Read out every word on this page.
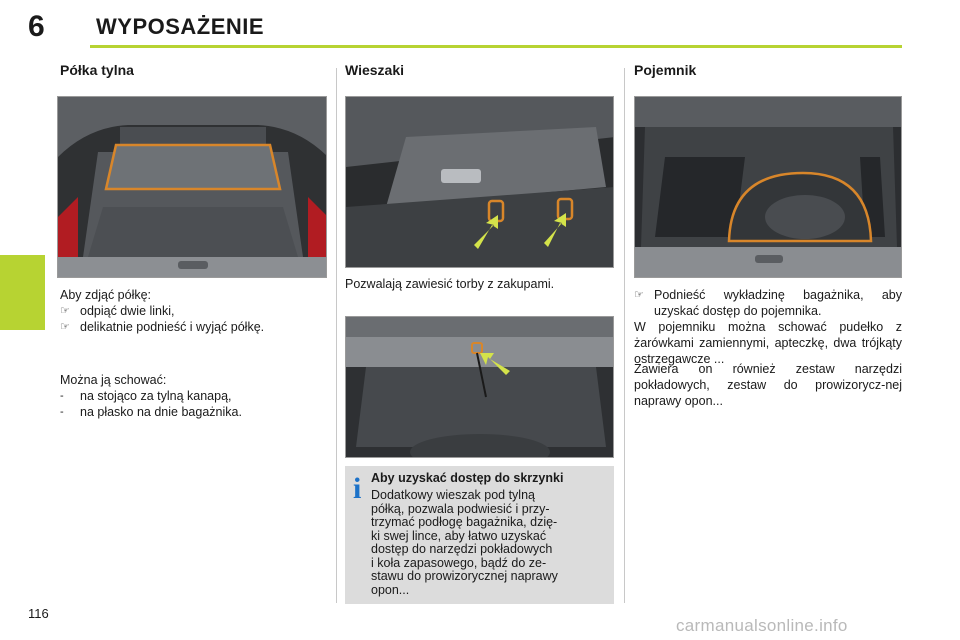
6 WYPOSAŻENIE
Półka tylna
Aby zdjąć półkę:
☞ odpiąć dwie linki,
☞ delikatnie podnieść i wyjąć półkę.
Można ją schować:
-	na stojąco za tylną kanapą,
-	na płasko na dnie bagażnika.
Wieszaki
Pozwalają zawiesić torby z zakupami.
i Aby uzyskać dostęp do skrzynki
Dodatkowy wieszak pod tylną
półką, pozwala podwiesić i przy-
trzymać podłogę bagażnika, dzię-
ki swej lince, aby łatwo uzyskać
dostęp do narzędzi pokładowych
i koła zapasowego, bądź do ze-
stawu do prowizorycznej naprawy
opon...
Pojemnik
☞ Podnieść wykładzinę bagażnika, aby uzyskać dostęp do pojemnika.
W pojemniku można schować pudełko z żarówkami zamiennymi, apteczkę, dwa trójkąty ostrzegawcze ...
Zawiera on również zestaw narzędzi pokładowych, zestaw do prowizorycz-nej naprawy opon...
116
carmanualsonline.info
